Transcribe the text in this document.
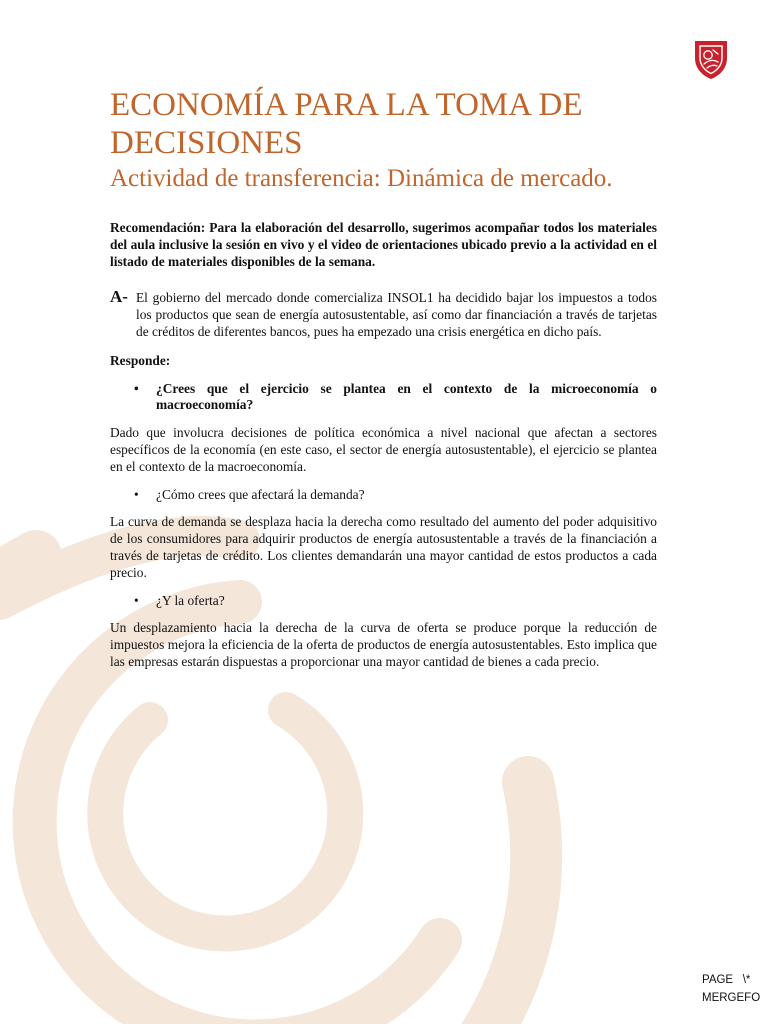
ECONOMÍA PARA LA TOMA DE DECISIONES
Actividad de transferencia: Dinámica de mercado.

Recomendación: Para la elaboración del desarrollo, sugerimos acompañar todos los materiales del aula inclusive la sesión en vivo y el video de orientaciones ubicado previo a la actividad en el listado de materiales disponibles de la semana.

A- El gobierno del mercado donde comercializa INSOL1 ha decidido bajar los impuestos a todos los productos que sean de energía autosustentable, así como dar financiación a través de tarjetas de créditos de diferentes bancos, pues ha empezado una crisis energética en dicho país.

Responde:

• ¿Crees que el ejercicio se plantea en el contexto de la microeconomía o macroeconomía?

Dado que involucra decisiones de política económica a nivel nacional que afectan a sectores específicos de la economía (en este caso, el sector de energía autosustentable), el ejercicio se plantea en el contexto de la macroeconomía.

• ¿Cómo crees que afectará la demanda?

La curva de demanda se desplaza hacia la derecha como resultado del aumento del poder adquisitivo de los consumidores para adquirir productos de energía autosustentable a través de la financiación a través de tarjetas de crédito. Los clientes demandarán una mayor cantidad de estos productos a cada precio.

• ¿Y la oferta?

Un desplazamiento hacia la derecha de la curva de oferta se produce porque la reducción de impuestos mejora la eficiencia de la oferta de productos de energía autosustentables. Esto implica que las empresas estarán dispuestas a proporcionar una mayor cantidad de bienes a cada precio.

PAGE   \*
MERGEFO
